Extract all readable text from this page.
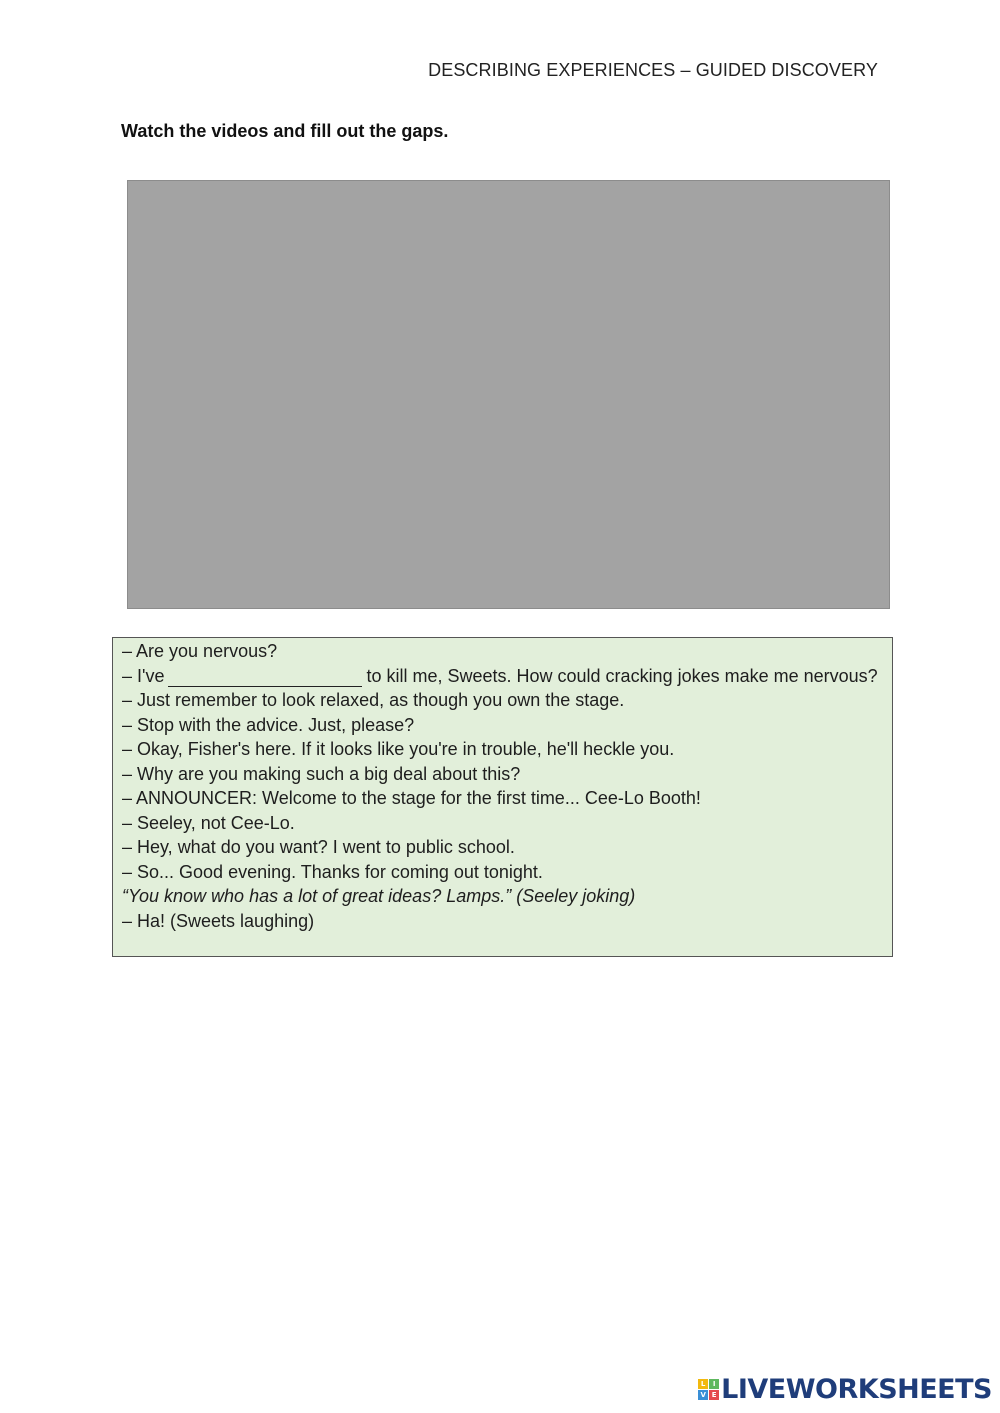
DESCRIBING EXPERIENCES – GUIDED DISCOVERY
Watch the videos and fill out the gaps.

– Are you nervous?

– I've	to kill me, Sweets. How could cracking jokes make me nervous?

– Just remember to look relaxed, as though you own the stage.

– Stop with the advice. Just, please?

– Okay, Fisher's here. If it looks like you're in trouble, he'll heckle you.

– Why are you making such a big deal about this?

– ANNOUNCER: Welcome to the stage for the first time... Cee-Lo Booth!

– Seeley, not Cee-Lo.

– Hey, what do you want? I went to public school.

– So... Good evening. Thanks for coming out tonight.

“You know who has a lot of great ideas? Lamps.” (Seeley joking)

– Ha! (Sweets laughing)

L	I
V E LIVEWORKSHEETS
